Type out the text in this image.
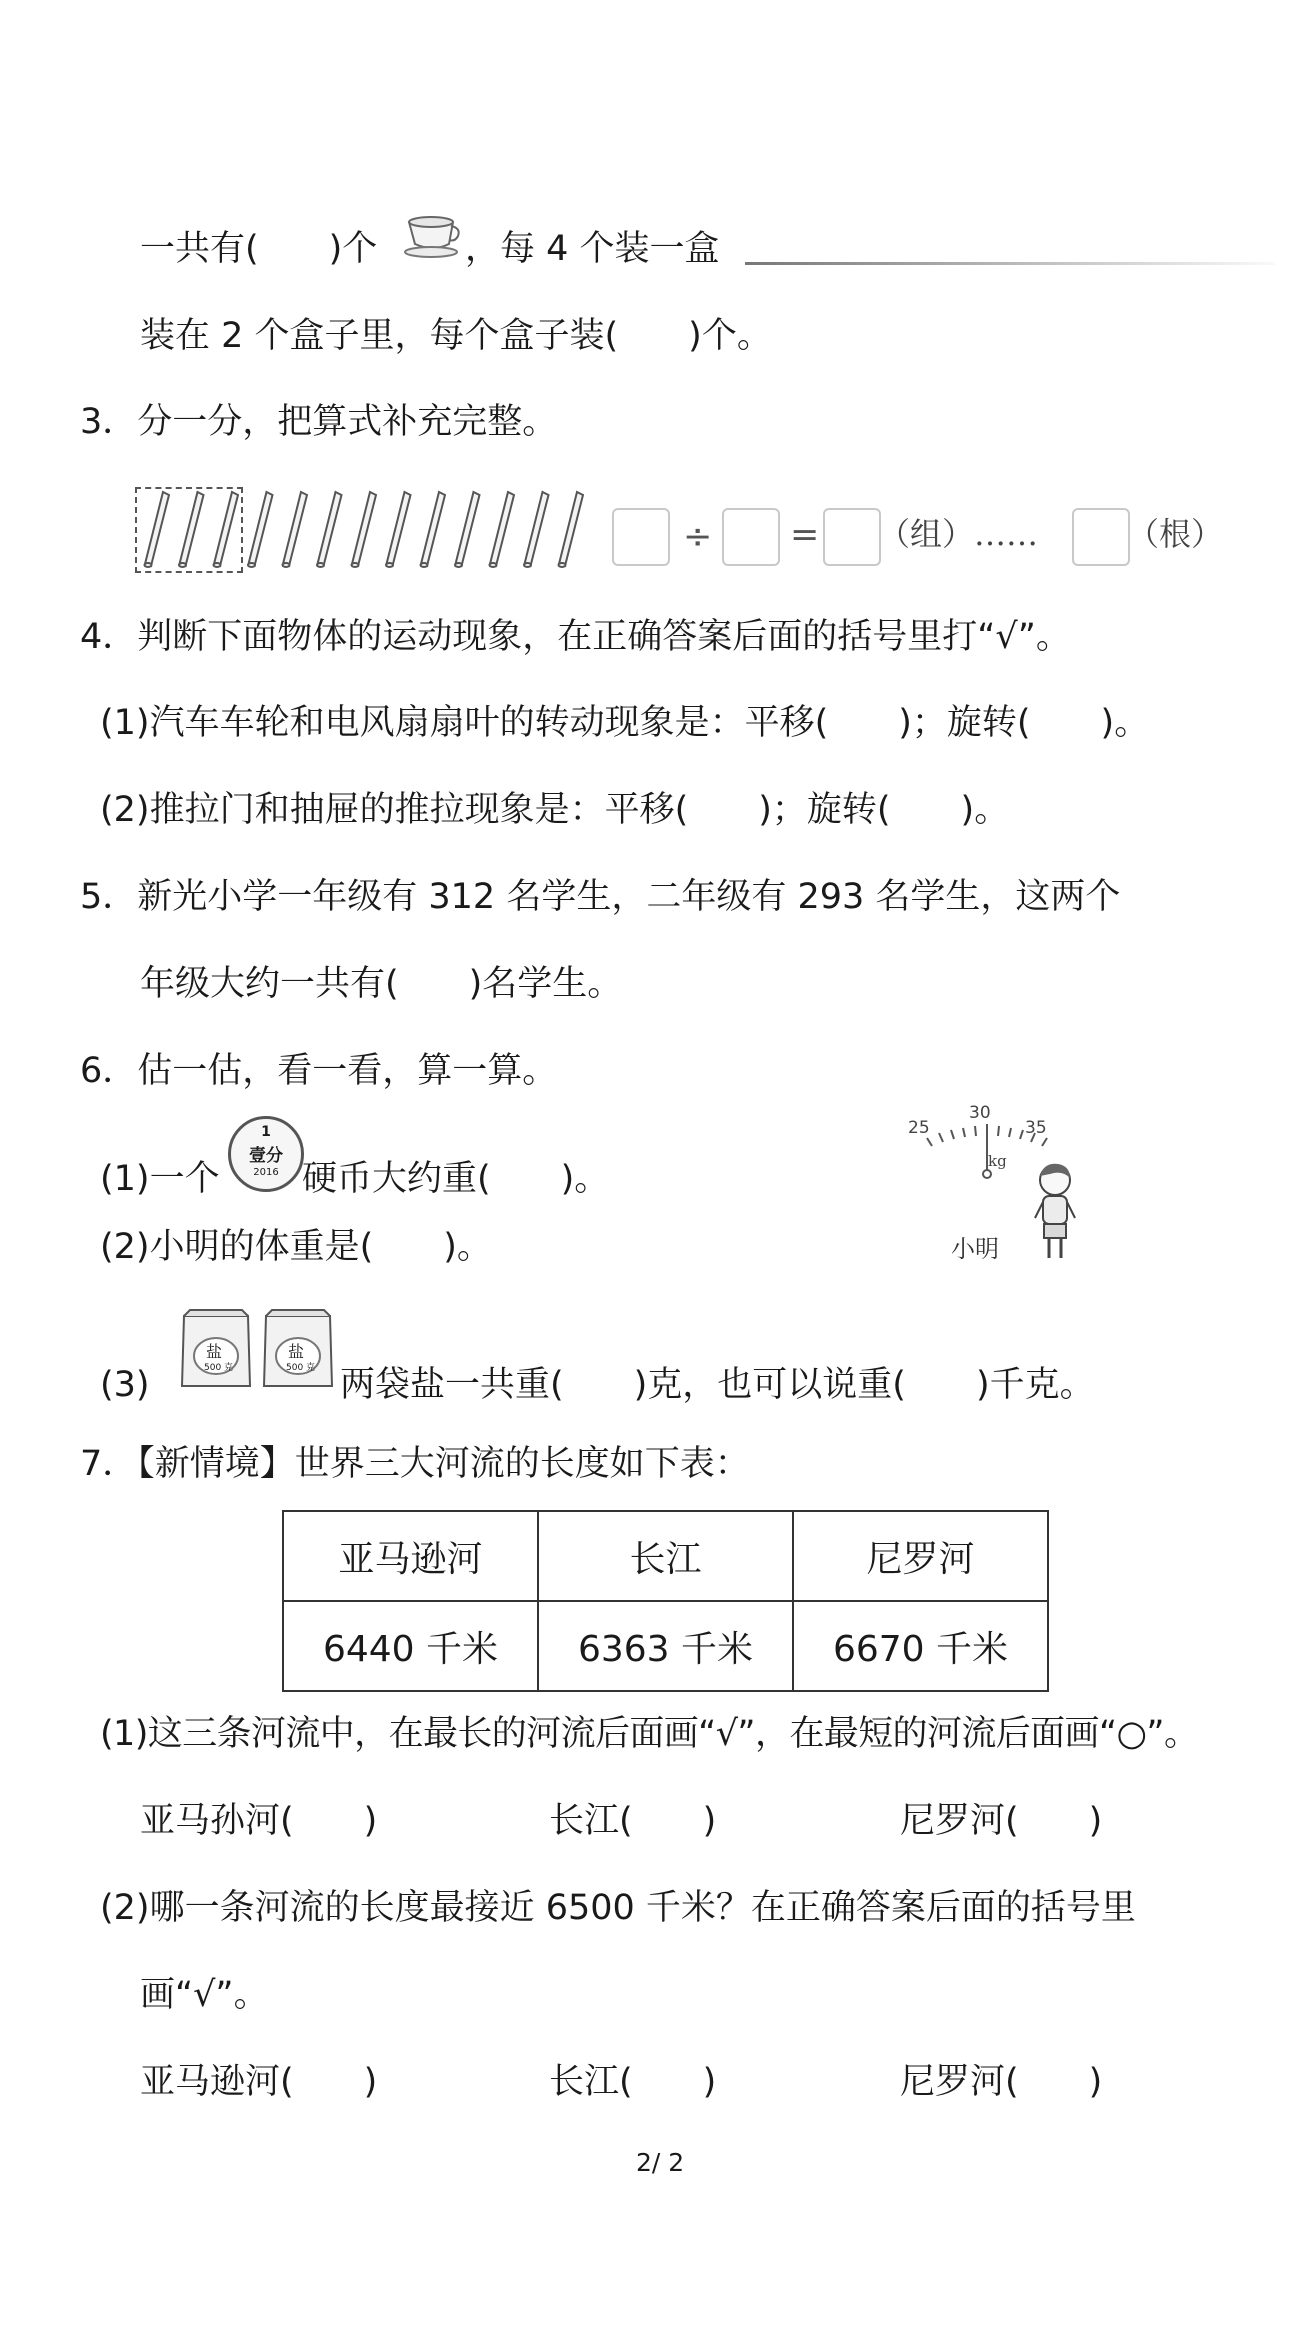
一共有(　　)个	，每 4 个装一盒
装在 2 个盒子里，每个盒子装(　　)个。
3．分一分，把算式补充完整。
÷ = （组）……	（根）
4．判断下面物体的运动现象，在正确答案后面的括号里打“√”。
(1)汽车车轮和电风扇扇叶的转动现象是：平移(　　)；旋转(　　)。
(2)推拉门和抽屉的推拉现象是：平移(　　)；旋转(　　)。
5．新光小学一年级有 312 名学生，二年级有 293 名学生，这两个
年级大约一共有(　　)名学生。
6．估一估，看一看，算一算。
(1)一个
1
壹分
2016 硬币大约重(　　)。
(2)小明的体重是(　　)。
25
30
35
kg
小明
(3)
盐
500 克
盐
500 克 两袋盐一共重(　　)克，也可以说重(　　)千克。
7．【新情境】世界三大河流的长度如下表：
亚马逊河	长江	尼罗河
6440 千米	6363 千米	6670 千米
(1)这三条河流中，在最长的河流后面画“√”，在最短的河流后面画“○”。
亚马孙河(　　)	长江(　　)	尼罗河(　　)
(2)哪一条河流的长度最接近 6500 千米？在正确答案后面的括号里
画“√”。
亚马逊河(　　)	长江(　　)	尼罗河(　　)
2/ 2
